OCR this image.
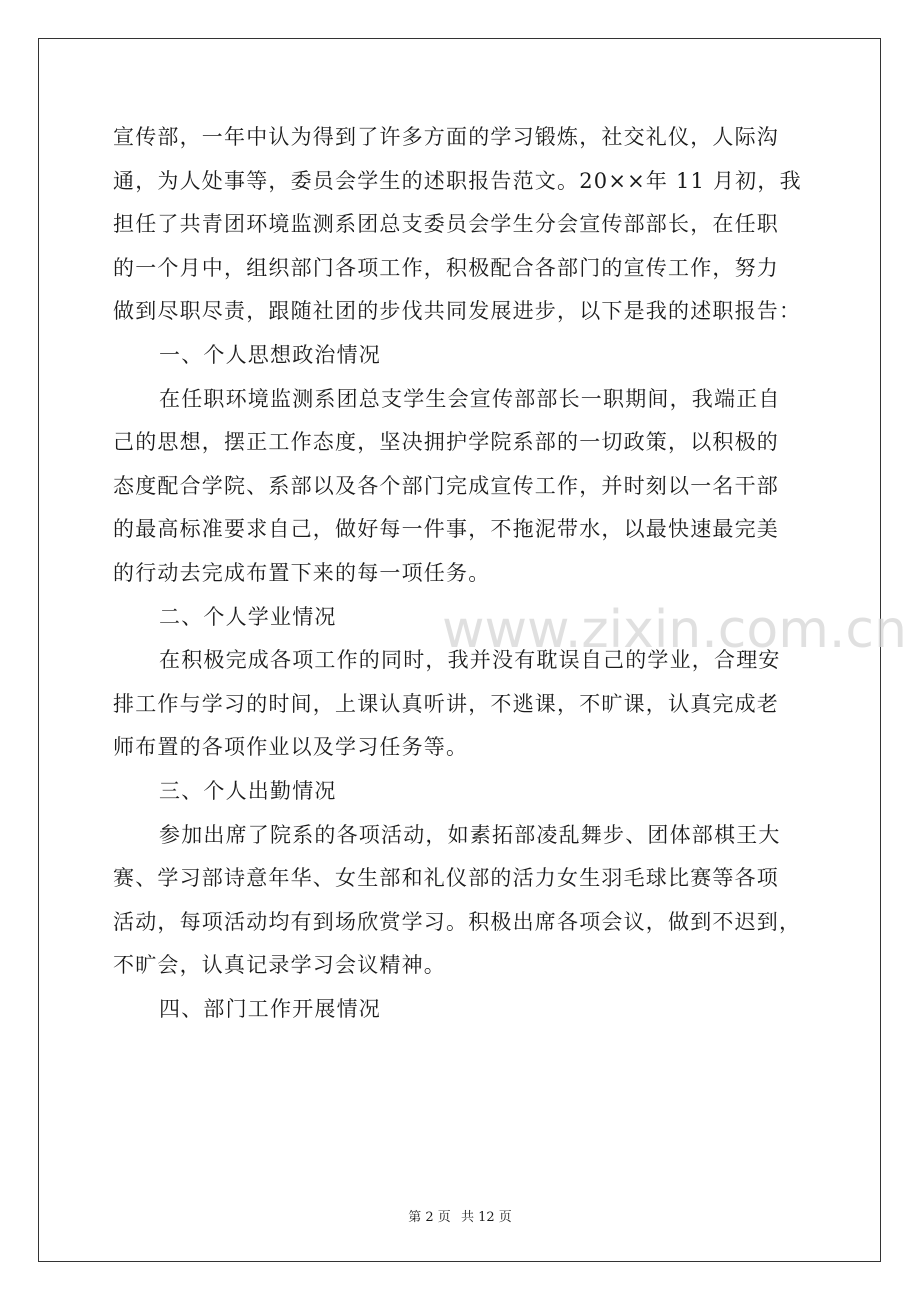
宣传部，一年中认为得到了许多方面的学习锻炼，社交礼仪，人际沟
通，为人处事等，委员会学生的述职报告范文。20××年 11 月初，我
担任了共青团环境监测系团总支委员会学生分会宣传部部长，在任职
的一个月中，组织部门各项工作，积极配合各部门的宣传工作，努力
做到尽职尽责，跟随社团的步伐共同发展进步，以下是我的述职报告：
一、个人思想政治情况
在任职环境监测系团总支学生会宣传部部长一职期间，我端正自
己的思想，摆正工作态度，坚决拥护学院系部的一切政策，以积极的
态度配合学院、系部以及各个部门完成宣传工作，并时刻以一名干部
的最高标准要求自己，做好每一件事，不拖泥带水，以最快速最完美
的行动去完成布置下来的每一项任务。
二、个人学业情况
在积极完成各项工作的同时，我并没有耽误自己的学业，合理安
排工作与学习的时间，上课认真听讲，不逃课，不旷课，认真完成老
师布置的各项作业以及学习任务等。
三、个人出勤情况
参加出席了院系的各项活动，如素拓部凌乱舞步、团体部棋王大
赛、学习部诗意年华、女生部和礼仪部的活力女生羽毛球比赛等各项
活动，每项活动均有到场欣赏学习。积极出席各项会议，做到不迟到，
不旷会，认真记录学习会议精神。
四、部门工作开展情况
www.zixin.com.cn
第 2 页 共 12 页
